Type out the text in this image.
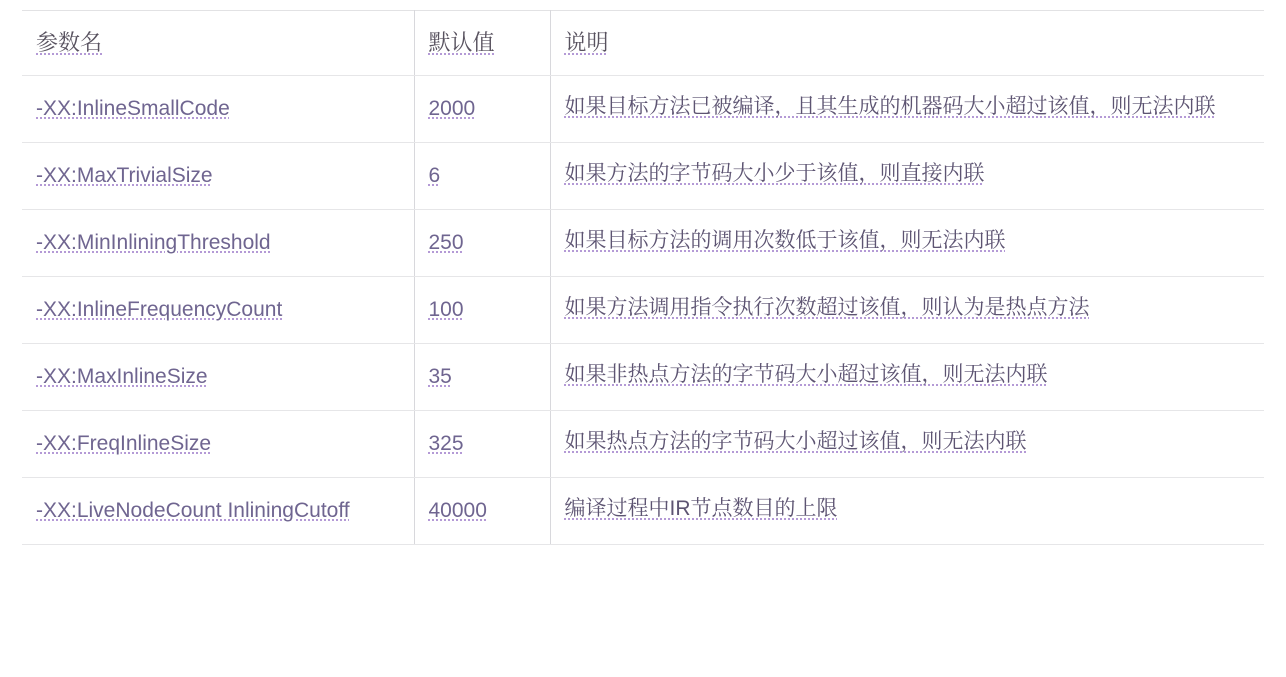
参数名	默认值	说明
-XX:InlineSmallCode	2000	如果目标方法已被编译，且其生成的机器码大小超过该值，则无法内联
-XX:MaxTrivialSize	6	如果方法的字节码大小少于该值，则直接内联
-XX:MinInliningThreshold	250	如果目标方法的调用次数低于该值，则无法内联
-XX:InlineFrequencyCount	100	如果方法调用指令执行次数超过该值，则认为是热点方法
-XX:MaxInlineSize	35	如果非热点方法的字节码大小超过该值，则无法内联
-XX:FreqInlineSize	325	如果热点方法的字节码大小超过该值，则无法内联

-XX:LiveNodeCount InliningCutoff	40000	编译过程中IR节点数目的上限
